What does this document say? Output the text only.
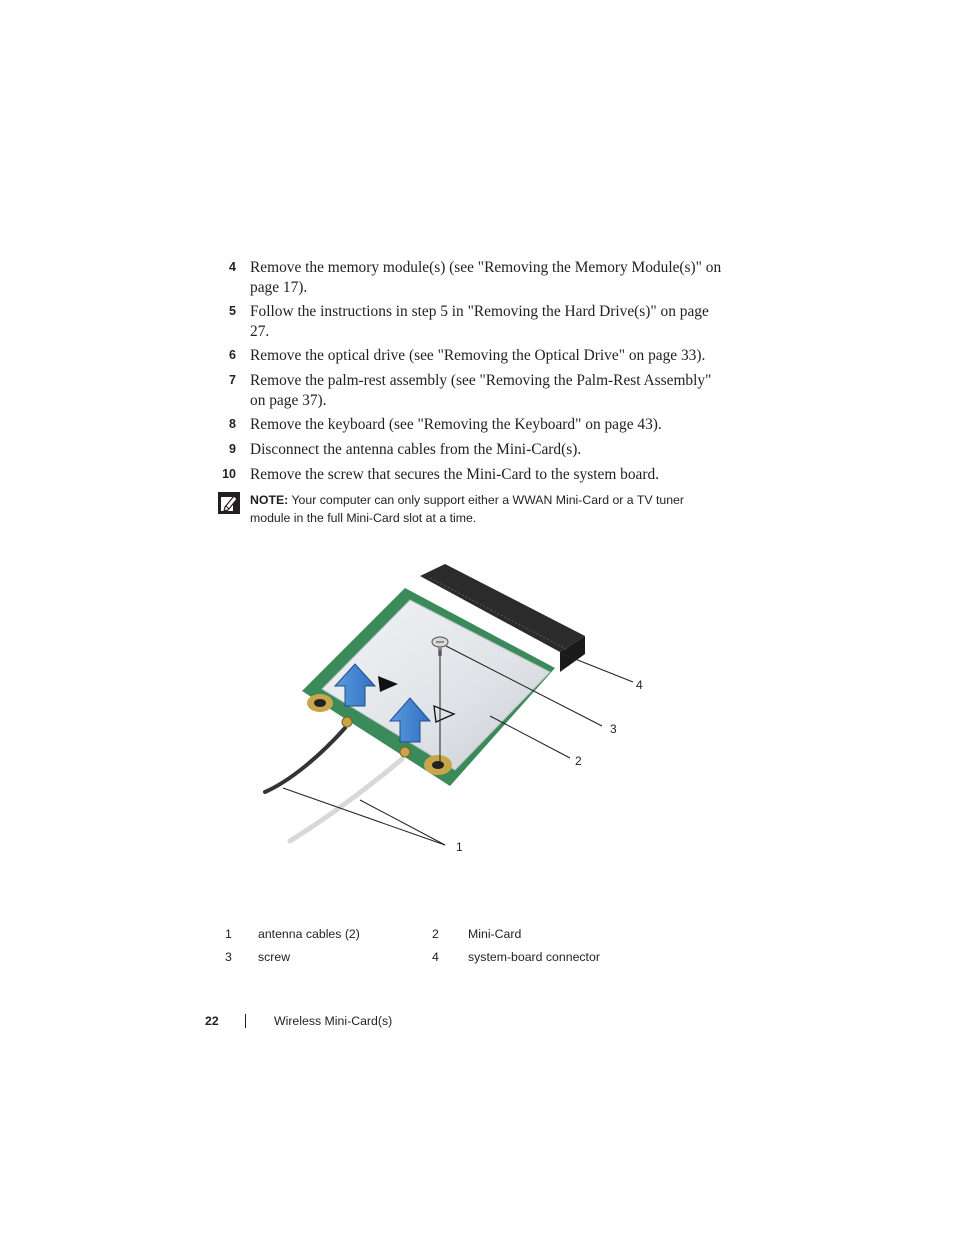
4 Remove the memory module(s) (see "Removing the Memory Module(s)" on page 17).
5 Follow the instructions in step 5 in "Removing the Hard Drive(s)" on page 27.
6 Remove the optical drive (see "Removing the Optical Drive" on page 33).
7 Remove the palm-rest assembly (see "Removing the Palm-Rest Assembly" on page 37).
8 Remove the keyboard (see "Removing the Keyboard" on page 43).
9 Disconnect the antenna cables from the Mini-Card(s).
10 Remove the screw that secures the Mini-Card to the system board.
NOTE: Your computer can only support either a WWAN Mini-Card or a TV tuner module in the full Mini-Card slot at a time.
4
3
2
1
1	antenna cables (2)	2	Mini-Card
3	screw	4	system-board connector
22	Wireless Mini-Card(s)
